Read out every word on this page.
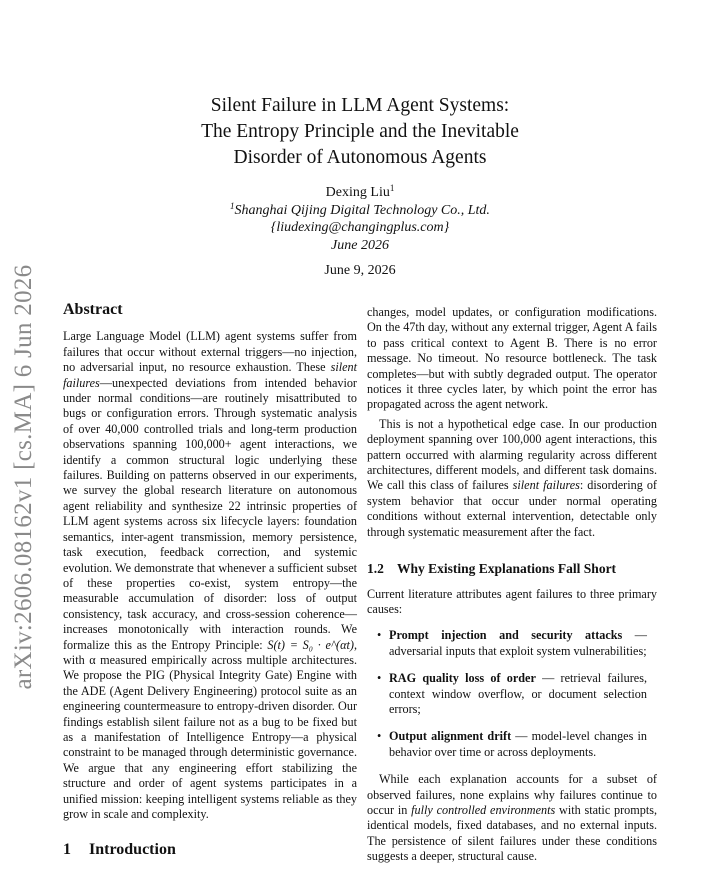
arXiv:2606.08162v1 [cs.MA] 6 Jun 2026
Silent Failure in LLM Agent Systems:
The Entropy Principle and the Inevitable
Disorder of Autonomous Agents
Dexing Liu$^1$
$^1$Shanghai Qijing Digital Technology Co., Ltd.
{liudexing@changingplus.com}
June 2026
June 9, 2026
Abstract

Large Language Model (LLM) agent systems suffer from failures that occur without external triggers—no injection, no adversarial input, no resource exhaustion. These silent failures—unexpected deviations from intended behavior under normal conditions—are routinely misattributed to bugs or configuration errors. Through systematic analysis of over 40,000 controlled trials and long-term production observations spanning 100,000+ agent interactions, we identify a common structural logic underlying these failures. Building on patterns observed in our experiments, we survey the global research literature on autonomous agent reliability and synthesize 22 intrinsic properties of LLM agent systems across six lifecycle layers: foundation semantics, inter-agent transmission, memory persistence, task execution, feedback correction, and systemic evolution. We demonstrate that whenever a sufficient subset of these properties co-exist, system entropy—the measurable accumulation of disorder: loss of output consistency, task accuracy, and cross-session coherence—increases monotonically with interaction rounds. We formalize this as the Entropy Principle: S(t) = S₀ · e^(αt), with α measured empirically across multiple architectures. We propose the PIG (Physical Integrity Gate) Engine with the ADE (Agent Delivery Engineering) protocol suite as an engineering countermeasure to entropy-driven disorder. Our findings establish silent failure not as a bug to be fixed but as a manifestation of Intelligence Entropy—a physical constraint to be managed through deterministic governance. We argue that any engineering effort stabilizing the structure and order of agent systems participates in a unified mission: keeping intelligent systems reliable as they grow in scale and complexity.

1 Introduction

changes, model updates, or configuration modifications. On the 47th day, without any external trigger, Agent A fails to pass critical context to Agent B. There is no error message. No timeout. No resource bottleneck. The task completes—but with subtly degraded output. The operator notices it three cycles later, by which point the error has propagated across the agent network.

This is not a hypothetical edge case. In our production deployment spanning over 100,000 agent interactions, this pattern occurred with alarming regularity across different architectures, different models, and different task domains. We call this class of failures silent failures: disordering of system behavior that occur under normal operating conditions without external intervention, detectable only through systematic measurement after the fact.

1.2 Why Existing Explanations Fall Short

Current literature attributes agent failures to three primary causes:

• Prompt injection and security attacks — adversarial inputs that exploit system vulnerabilities;
• RAG quality loss of order — retrieval failures, context window overflow, or document selection errors;
• Output alignment drift — model-level changes in behavior over time or across deployments.

While each explanation accounts for a subset of observed failures, none explains why failures continue to occur in fully controlled environments with static prompts, identical models, fixed databases, and no external inputs. The persistence of silent failures under these conditions suggests a deeper, structural cause.
